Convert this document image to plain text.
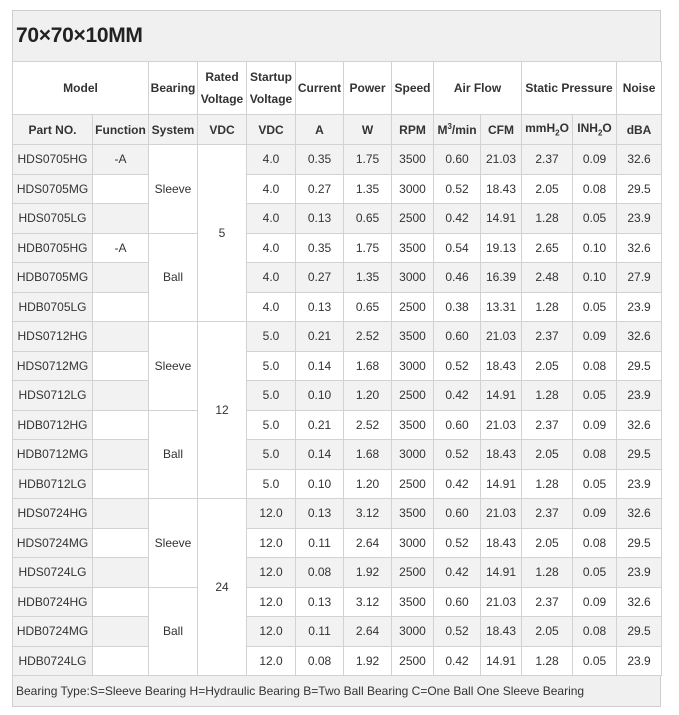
70×70×10MM
Model		Bearing	Rated Voltage	Startup Voltage	Current	Power	Speed	Air Flow		Static Pressure		Noise
Part NO.	Function	System	VDC	VDC	A	W	RPM	$M^3/\min$	CFM	mmH$_2$O	$INH_2O$	dBA
HDS0705HG	-A	Sleeve	5	4.0	0.35	1.75	3500	0.60	21.03	2.37	0.09	32.6
HDS0705MG				4.0	0.27	1.35	3000	0.52	18.43	2.05	0.08	29.5
HDS0705LG				4.0	0.13	0.65	2500	0.42	14.91	1.28	0.05	23.9
HDB0705HG	-A	Ball		4.0	0.35	1.75	3500	0.54	19.13	2.65	0.10	32.6
HDB0705MG				4.0	0.27	1.35	3000	0.46	16.39	2.48	0.10	27.9
HDB0705LG				4.0	0.13	0.65	2500	0.38	13.31	1.28	0.05	23.9
HDS0712HG		Sleeve	12	5.0	0.21	2.52	3500	0.60	21.03	2.37	0.09	32.6
HDS0712MG				5.0	0.14	1.68	3000	0.52	18.43	2.05	0.08	29.5
HDS0712LG				5.0	0.10	1.20	2500	0.42	14.91	1.28	0.05	23.9
HDB0712HG		Ball		5.0	0.21	2.52	3500	0.60	21.03	2.37	0.09	32.6
HDB0712MG				5.0	0.14	1.68	3000	0.52	18.43	2.05	0.08	29.5
HDB0712LG				5.0	0.10	1.20	2500	0.42	14.91	1.28	0.05	23.9
HDS0724HG		Sleeve	24	12.0	0.13	3.12	3500	0.60	21.03	2.37	0.09	32.6
HDS0724MG				12.0	0.11	2.64	3000	0.52	18.43	2.05	0.08	29.5
HDS0724LG				12.0	0.08	1.92	2500	0.42	14.91	1.28	0.05	23.9
HDB0724HG		Ball		12.0	0.13	3.12	3500	0.60	21.03	2.37	0.09	32.6
HDB0724MG				12.0	0.11	2.64	3000	0.52	18.43	2.05	0.08	29.5
HDB0724LG				12.0	0.08	1.92	2500	0.42	14.91	1.28	0.05	23.9
Bearing Type:S=Sleeve Bearing H=Hydraulic Bearing B=Two Ball Bearing C=One Ball One Sleeve Bearing
